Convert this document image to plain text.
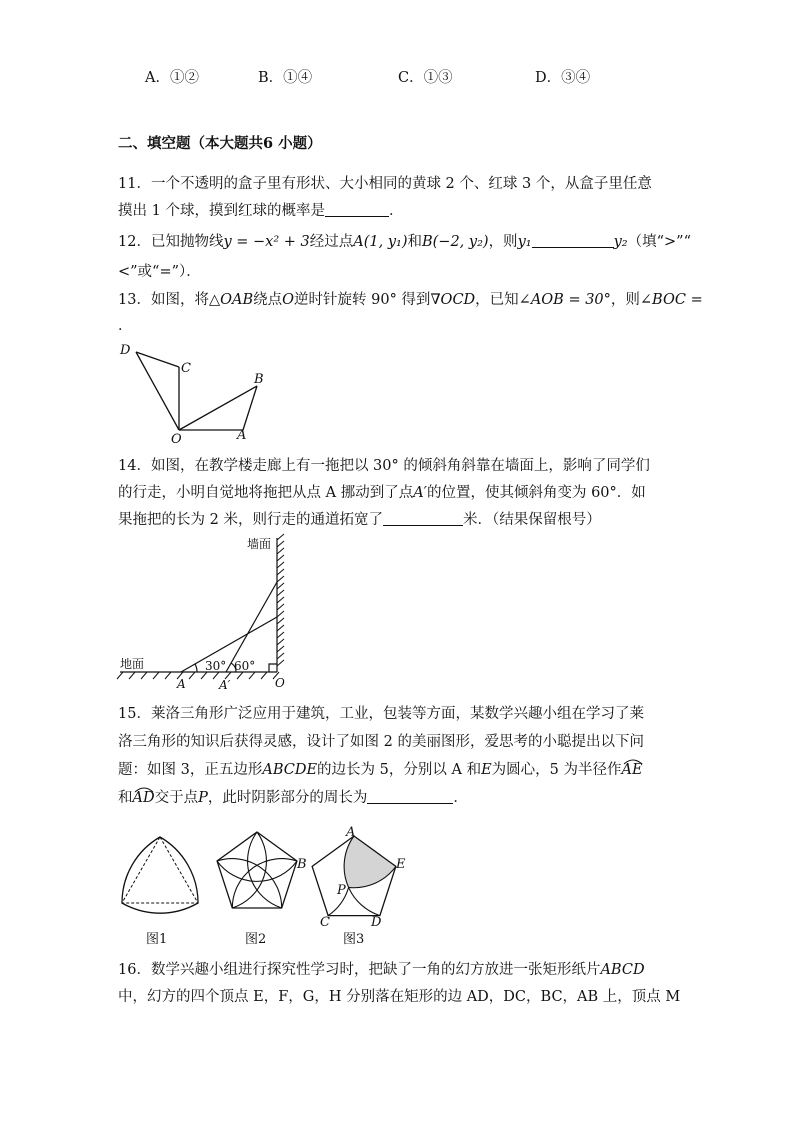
A．①②	B．①④	C．①③	D．③④
二、填空题（本大题共6 小题）
11．一个不透明的盒子里有形状、大小相同的黄球 2 个、红球 3 个，从盒子里任意
摸出 1 个球，摸到红球的概率是	．
12．已知抛物线y = −x² + 3经过点A(1, y₁)和B(−2, y₂)，则y₁	y₂（填“>”“
<”或“=”）．
13．如图，将△OAB绕点O逆时针旋转 90° 得到∇OCD，已知∠AOB = 30°，则∠BOC =
．
D
C
B
O	A
14．如图，在教学楼走廊上有一拖把以 30° 的倾斜角斜靠在墙面上，影响了同学们
的行走，小明自觉地将拖把从点 A 挪动到了点A′的位置，使其倾斜角变为 60°．如
果拖把的长为 2 米，则行走的通道拓宽了	米．（结果保留根号）
墙面
地面	30° 60°
A	A′	O
15．莱洛三角形广泛应用于建筑，工业，包装等方面，某数学兴趣小组在学习了莱
洛三角形的知识后获得灵感，设计了如图 2 的美丽图形，爱思考的小聪提出以下问
题：如图 3，正五边形ABCDE的边长为 5，分别以 A 和E为圆心，5 为半径作AE
和AD
交于点P，此时阴影部分的周长为	．
B
A
E
C	D
P
图1	图2	图3
16．数学兴趣小组进行探究性学习时，把缺了一角的幻方放进一张矩形纸片ABCD
中，幻方的四个顶点 E，F，G，H 分别落在矩形的边 AD，DC，BC，AB 上，顶点 M
